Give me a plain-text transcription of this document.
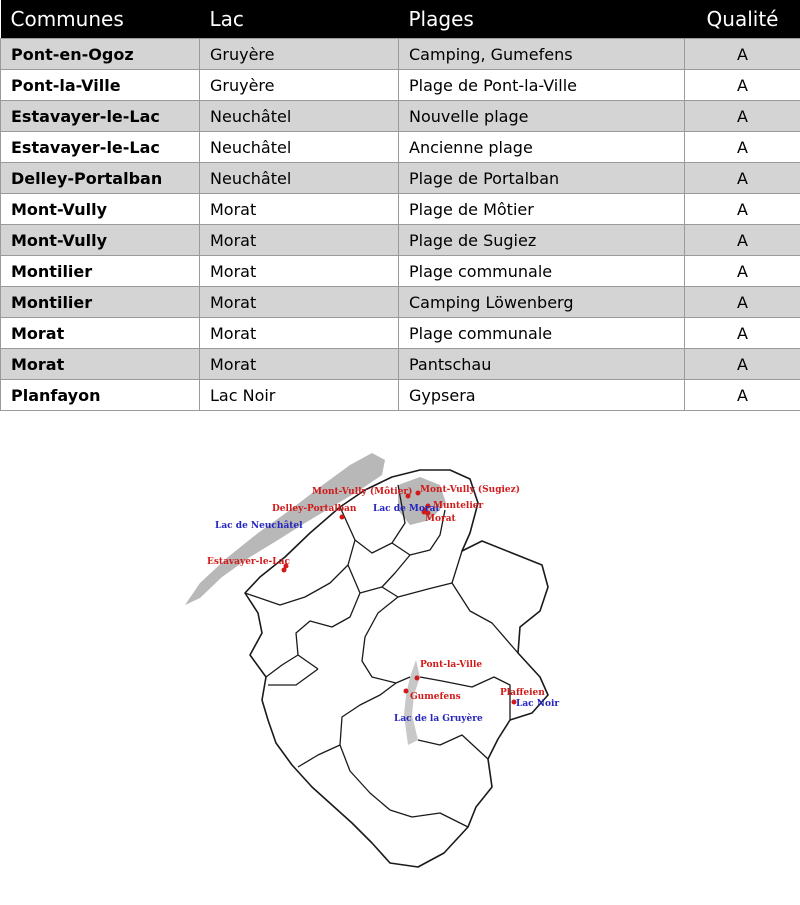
Communes	Lac	Plages	Qualité
Pont-en-Ogoz	Gruyère	Camping, Gumefens	A
Pont-la-Ville	Gruyère	Plage de Pont-la-Ville	A
Estavayer-le-Lac	Neuchâtel	Nouvelle plage	A
Estavayer-le-Lac	Neuchâtel	Ancienne plage	A
Delley-Portalban	Neuchâtel	Plage de Portalban	A
Mont-Vully	Morat	Plage de Môtier	A
Mont-Vully	Morat	Plage de Sugiez	A
Montilier	Morat	Plage communale	A
Montilier	Morat	Camping Löwenberg	A
Morat	Morat	Plage communale	A
Morat	Morat	Pantschau	A
Planfayon	Lac Noir	Gypsera	A
Mont-Vully (Môtier) Mont-Vully (Sugiez)
Delley-Portalban
Lac de Neuchâtel
Lac de Morat
Muntelier
Morat
Estavayer-le-Lac
Pont-la-Ville
Gumefens
Lac de la Gruyère
Plaffeien
Lac Noir
